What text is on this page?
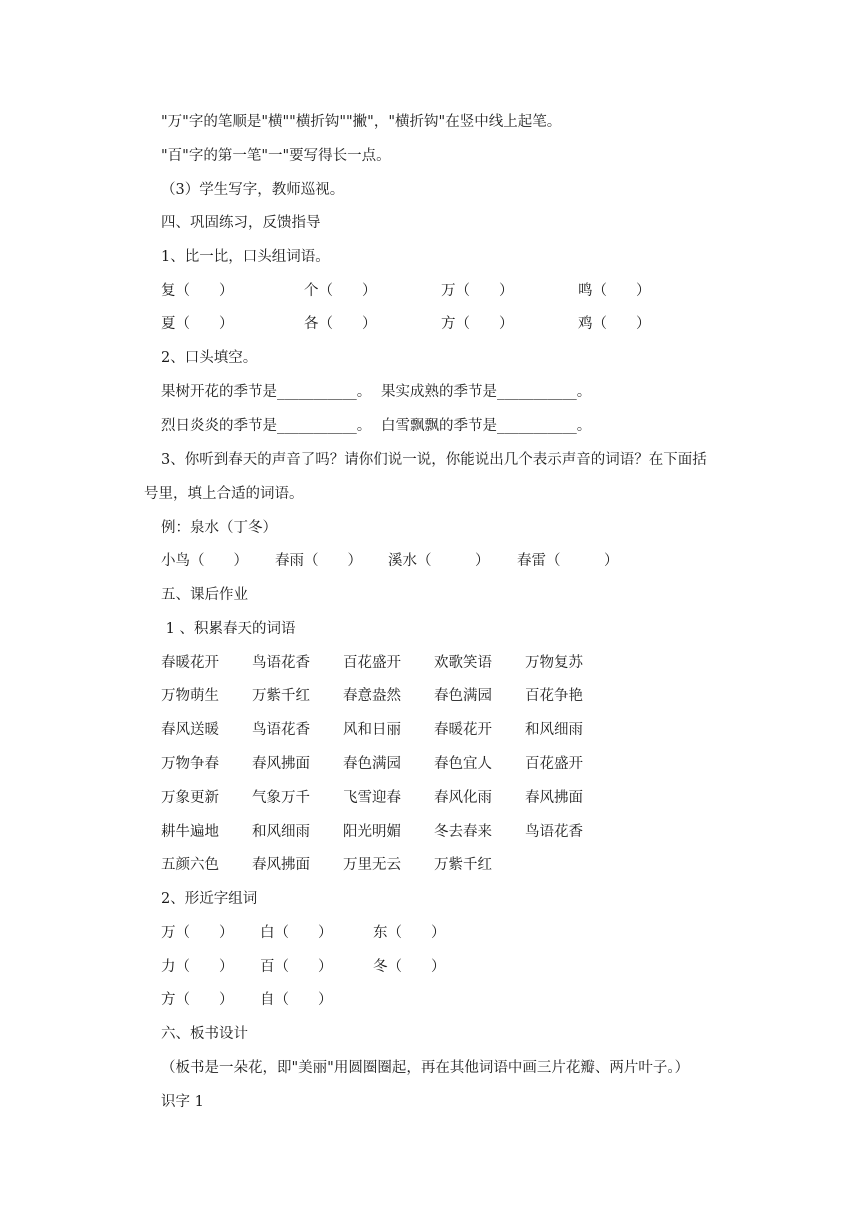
"万"字的笔顺是"横""横折钩""撇"，"横折钩"在竖中线上起笔。
"百"字的第一笔"一"要写得长一点。
（3）学生写字，教师巡视。
四、巩固练习，反馈指导
1、比一比，口头组词语。
复（　　）	个（　　）	万（　　）	鸣（　　）
夏（　　）	各（　　）	方（　　）	鸡（　　）
2、口头填空。
果树开花的季节是___________。 果实成熟的季节是___________。
烈日炎炎的季节是___________。 白雪飘飘的季节是___________。
3、你听到春天的声音了吗？请你们说一说，你能说出几个表示声音的词语？在下面括
号里，填上合适的词语。
例：泉水（丁冬）
小鸟（　　） 春雨（　　） 溪水（　　　） 春雷（　　　）
五、课后作业
1 、积累春天的词语
春暖花开 鸟语花香 百花盛开 欢歌笑语 万物复苏
万物萌生 万紫千红 春意盎然 春色满园 百花争艳
春风送暖 鸟语花香 风和日丽 春暖花开 和风细雨
万物争春 春风拂面 春色满园 春色宜人 百花盛开
万象更新 气象万千 飞雪迎春 春风化雨 春风拂面
耕牛遍地 和风细雨 阳光明媚 冬去春来 鸟语花香
五颜六色 春风拂面 万里无云 万紫千红
2、形近字组词
万（　　） 白（　　）	东（　　）
力（　　） 百（　　）	冬（　　）
方（　　） 自（　　）
六、板书设计
（板书是一朵花，即"美丽"用圆圈圈起，再在其他词语中画三片花瓣、两片叶子。）
识字 1
